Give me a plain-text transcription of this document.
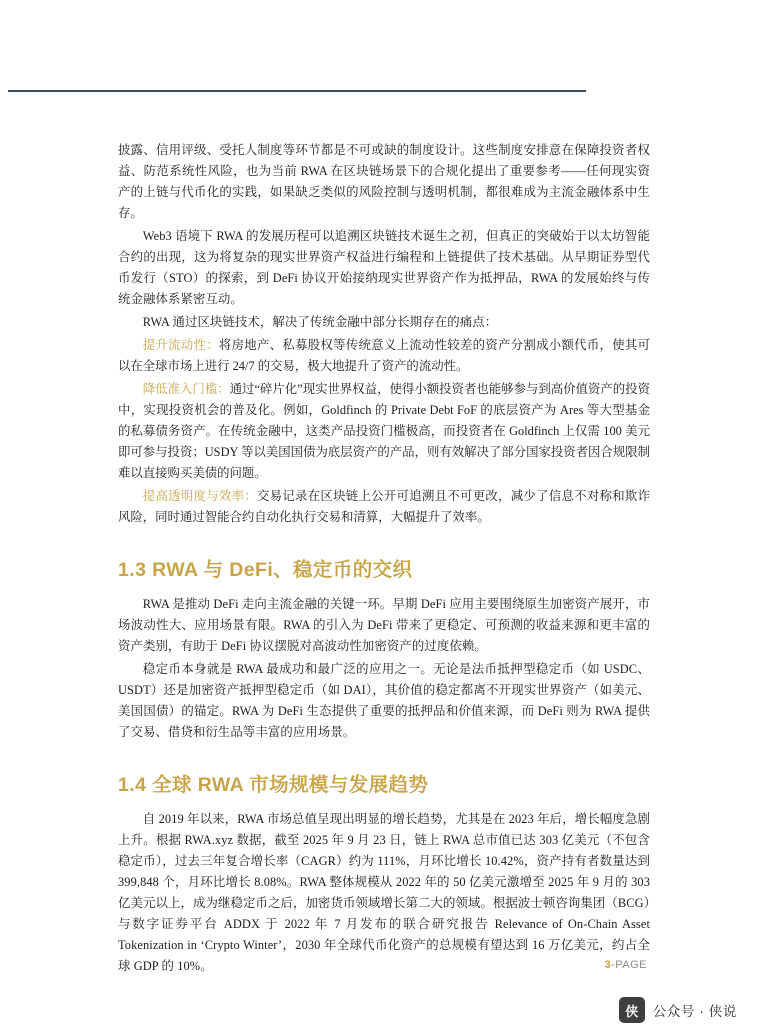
披露、信用评级、受托人制度等环节都是不可或缺的制度设计。这些制度安排意在保障投资者权益、防范系统性风险，也为当前 RWA 在区块链场景下的合规化提出了重要参考——任何现实资产的上链与代币化的实践，如果缺乏类似的风险控制与透明机制，都很难成为主流金融体系中生存。

Web3 语境下 RWA 的发展历程可以追溯区块链技术诞生之初，但真正的突破始于以太坊智能合约的出现，这为将复杂的现实世界资产权益进行编程和上链提供了技术基础。从早期证券型代币发行（STO）的探索，到 DeFi 协议开始接纳现实世界资产作为抵押品，RWA 的发展始终与传统金融体系紧密互动。

RWA 通过区块链技术，解决了传统金融中部分长期存在的痛点：

提升流动性：将房地产、私募股权等传统意义上流动性较差的资产分割成小额代币，使其可以在全球市场上进行 24/7 的交易，极大地提升了资产的流动性。

降低准入门槛：通过“碎片化”现实世界权益，使得小额投资者也能够参与到高价值资产的投资中，实现投资机会的普及化。例如，Goldfinch 的 Private Debt FoF 的底层资产为 Ares 等大型基金的私募债务资产。在传统金融中，这类产品投资门槛极高，而投资者在 Goldfinch 上仅需 100 美元即可参与投资；USDY 等以美国国债为底层资产的产品，则有效解决了部分国家投资者因合规限制难以直接购买美债的问题。

提高透明度与效率：交易记录在区块链上公开可追溯且不可更改，减少了信息不对称和欺诈风险，同时通过智能合约自动化执行交易和清算，大幅提升了效率。

1.3 RWA 与 DeFi、稳定币的交织

RWA 是推动 DeFi 走向主流金融的关键一环。早期 DeFi 应用主要围绕原生加密资产展开，市场波动性大、应用场景有限。RWA 的引入为 DeFi 带来了更稳定、可预测的收益来源和更丰富的资产类别，有助于 DeFi 协议摆脱对高波动性加密资产的过度依赖。

稳定币本身就是 RWA 最成功和最广泛的应用之一。无论是法币抵押型稳定币（如 USDC、USDT）还是加密资产抵押型稳定币（如 DAI），其价值的稳定都离不开现实世界资产（如美元、美国国债）的锚定。RWA 为 DeFi 生态提供了重要的抵押品和价值来源，而 DeFi 则为 RWA 提供了交易、借贷和衍生品等丰富的应用场景。

1.4 全球 RWA 市场规模与发展趋势

自 2019 年以来，RWA 市场总值呈现出明显的增长趋势，尤其是在 2023 年后，增长幅度急剧上升。根据 RWA.xyz 数据，截至 2025 年 9 月 23 日，链上 RWA 总市值已达 303 亿美元（不包含稳定币），过去三年复合增长率（CAGR）约为 111%，月环比增长 10.42%，资产持有者数量达到 399,848 个，月环比增长 8.08%。RWA 整体规模从 2022 年的 50 亿美元激增至 2025 年 9 月的 303 亿美元以上，成为继稳定币之后，加密货币领域增长第二大的领域。根据波士顿咨询集团（BCG）与数字证券平台 ADDX 于 2022 年 7 月发布的联合研究报告 Relevance of On-Chain Asset Tokenization in ‘Crypto Winter’，2030 年全球代币化资产的总规模有望达到 16 万亿美元，约占全球 GDP 的 10%。	3-PAGE
侠	公众号 · 侠说
